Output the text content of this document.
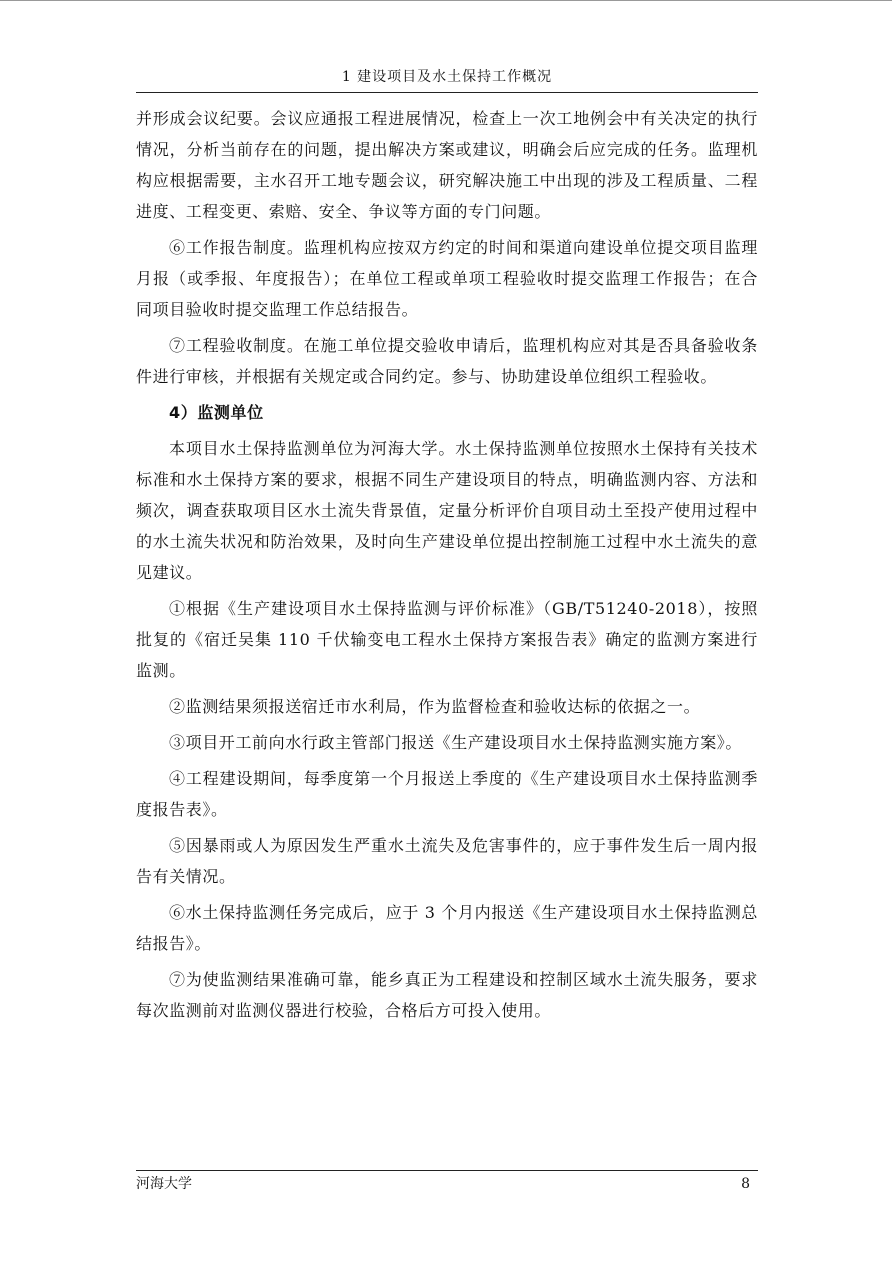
1 建设项目及水土保持工作概况

并形成会议纪要。会议应通报工程进展情况，检查上一次工地例会中有关决定的执行情况，分析当前存在的问题，提出解决方案或建议，明确会后应完成的任务。监理机构应根据需要，主水召开工地专题会议，研究解决施工中出现的涉及工程质量、二程进度、工程变更、索赔、安全、争议等方面的专门问题。

⑥工作报告制度。监理机构应按双方约定的时间和渠道向建设单位提交项目监理月报（或季报、年度报告）；在单位工程或单项工程验收时提交监理工作报告；在合同项目验收时提交监理工作总结报告。

⑦工程验收制度。在施工单位提交验收申请后，监理机构应对其是否具备验收条件进行审核，并根据有关规定或合同约定。参与、协助建设单位组织工程验收。

4）监测单位

本项目水土保持监测单位为河海大学。水土保持监测单位按照水土保持有关技术标准和水土保持方案的要求，根据不同生产建设项目的特点，明确监测内容、方法和频次，调查获取项目区水土流失背景值，定量分析评价自项目动土至投产使用过程中的水土流失状况和防治效果，及时向生产建设单位提出控制施工过程中水土流失的意见建议。

①根据《生产建设项目水土保持监测与评价标准》（GB/T51240-2018），按照批复的《宿迁吴集 110 千伏输变电工程水土保持方案报告表》确定的监测方案进行监测。

②监测结果须报送宿迁市水利局，作为监督检查和验收达标的依据之一。

③项目开工前向水行政主管部门报送《生产建设项目水土保持监测实施方案》。

④工程建设期间，每季度第一个月报送上季度的《生产建设项目水土保持监测季度报告表》。

⑤因暴雨或人为原因发生严重水土流失及危害事件的，应于事件发生后一周内报告有关情况。

⑥水土保持监测任务完成后，应于 3 个月内报送《生产建设项目水土保持监测总结报告》。

⑦为使监测结果准确可靠，能乡真正为工程建设和控制区域水土流失服务，要求每次监测前对监测仪器进行校验，合格后方可投入使用。

河海大学	8
